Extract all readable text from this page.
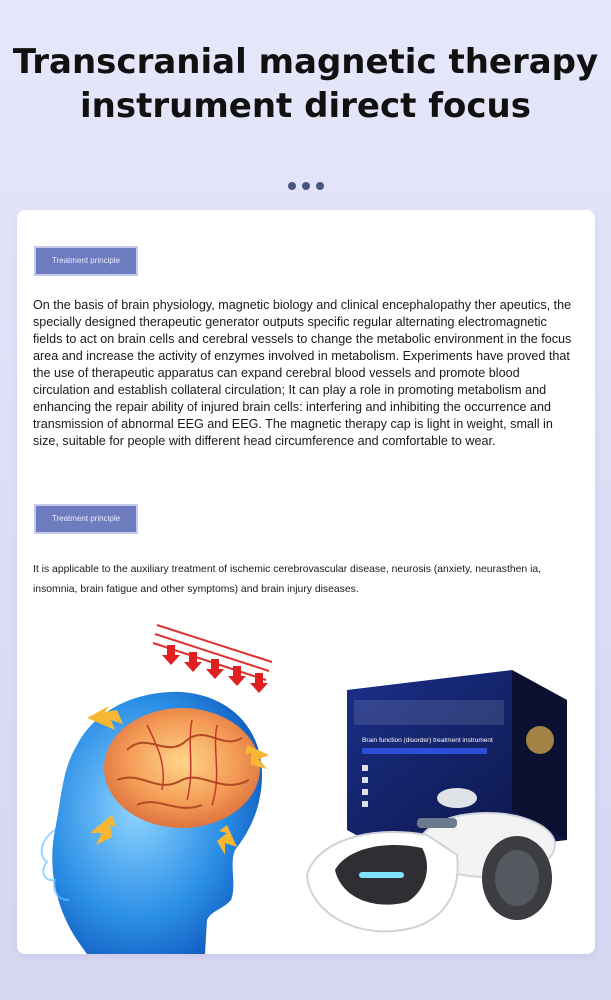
Transcranial magnetic therapy
instrument direct focus
Treatment principle
On the basis of brain physiology, magnetic biology and clinical encephalopathy ther apeutics, the specially designed therapeutic generator outputs specific regular alternating electromagnetic fields to act on brain cells and cerebral vessels to change the metabolic environment in the focus area and increase the activity of enzymes involved in metabolism. Experiments have proved that the use of therapeutic apparatus can expand cerebral blood vessels and promote blood circulation and establish collateral circulation; It can play a role in promoting metabolism and enhancing the repair ability of injured brain cells: interfering and inhibiting the occurrence and transmission of abnormal EEG and EEG. The magnetic therapy cap is light in weight, small in size, suitable for people with different head circumference and comfortable to wear.
Treatment principle
It is applicable to the auxiliary treatment of ischemic cerebrovascular disease, neurosis (anxiety, neurasthen ia, insomnia, brain fatigue and other symptoms) and brain injury diseases.
Brain function (disorder) treatment instrument
